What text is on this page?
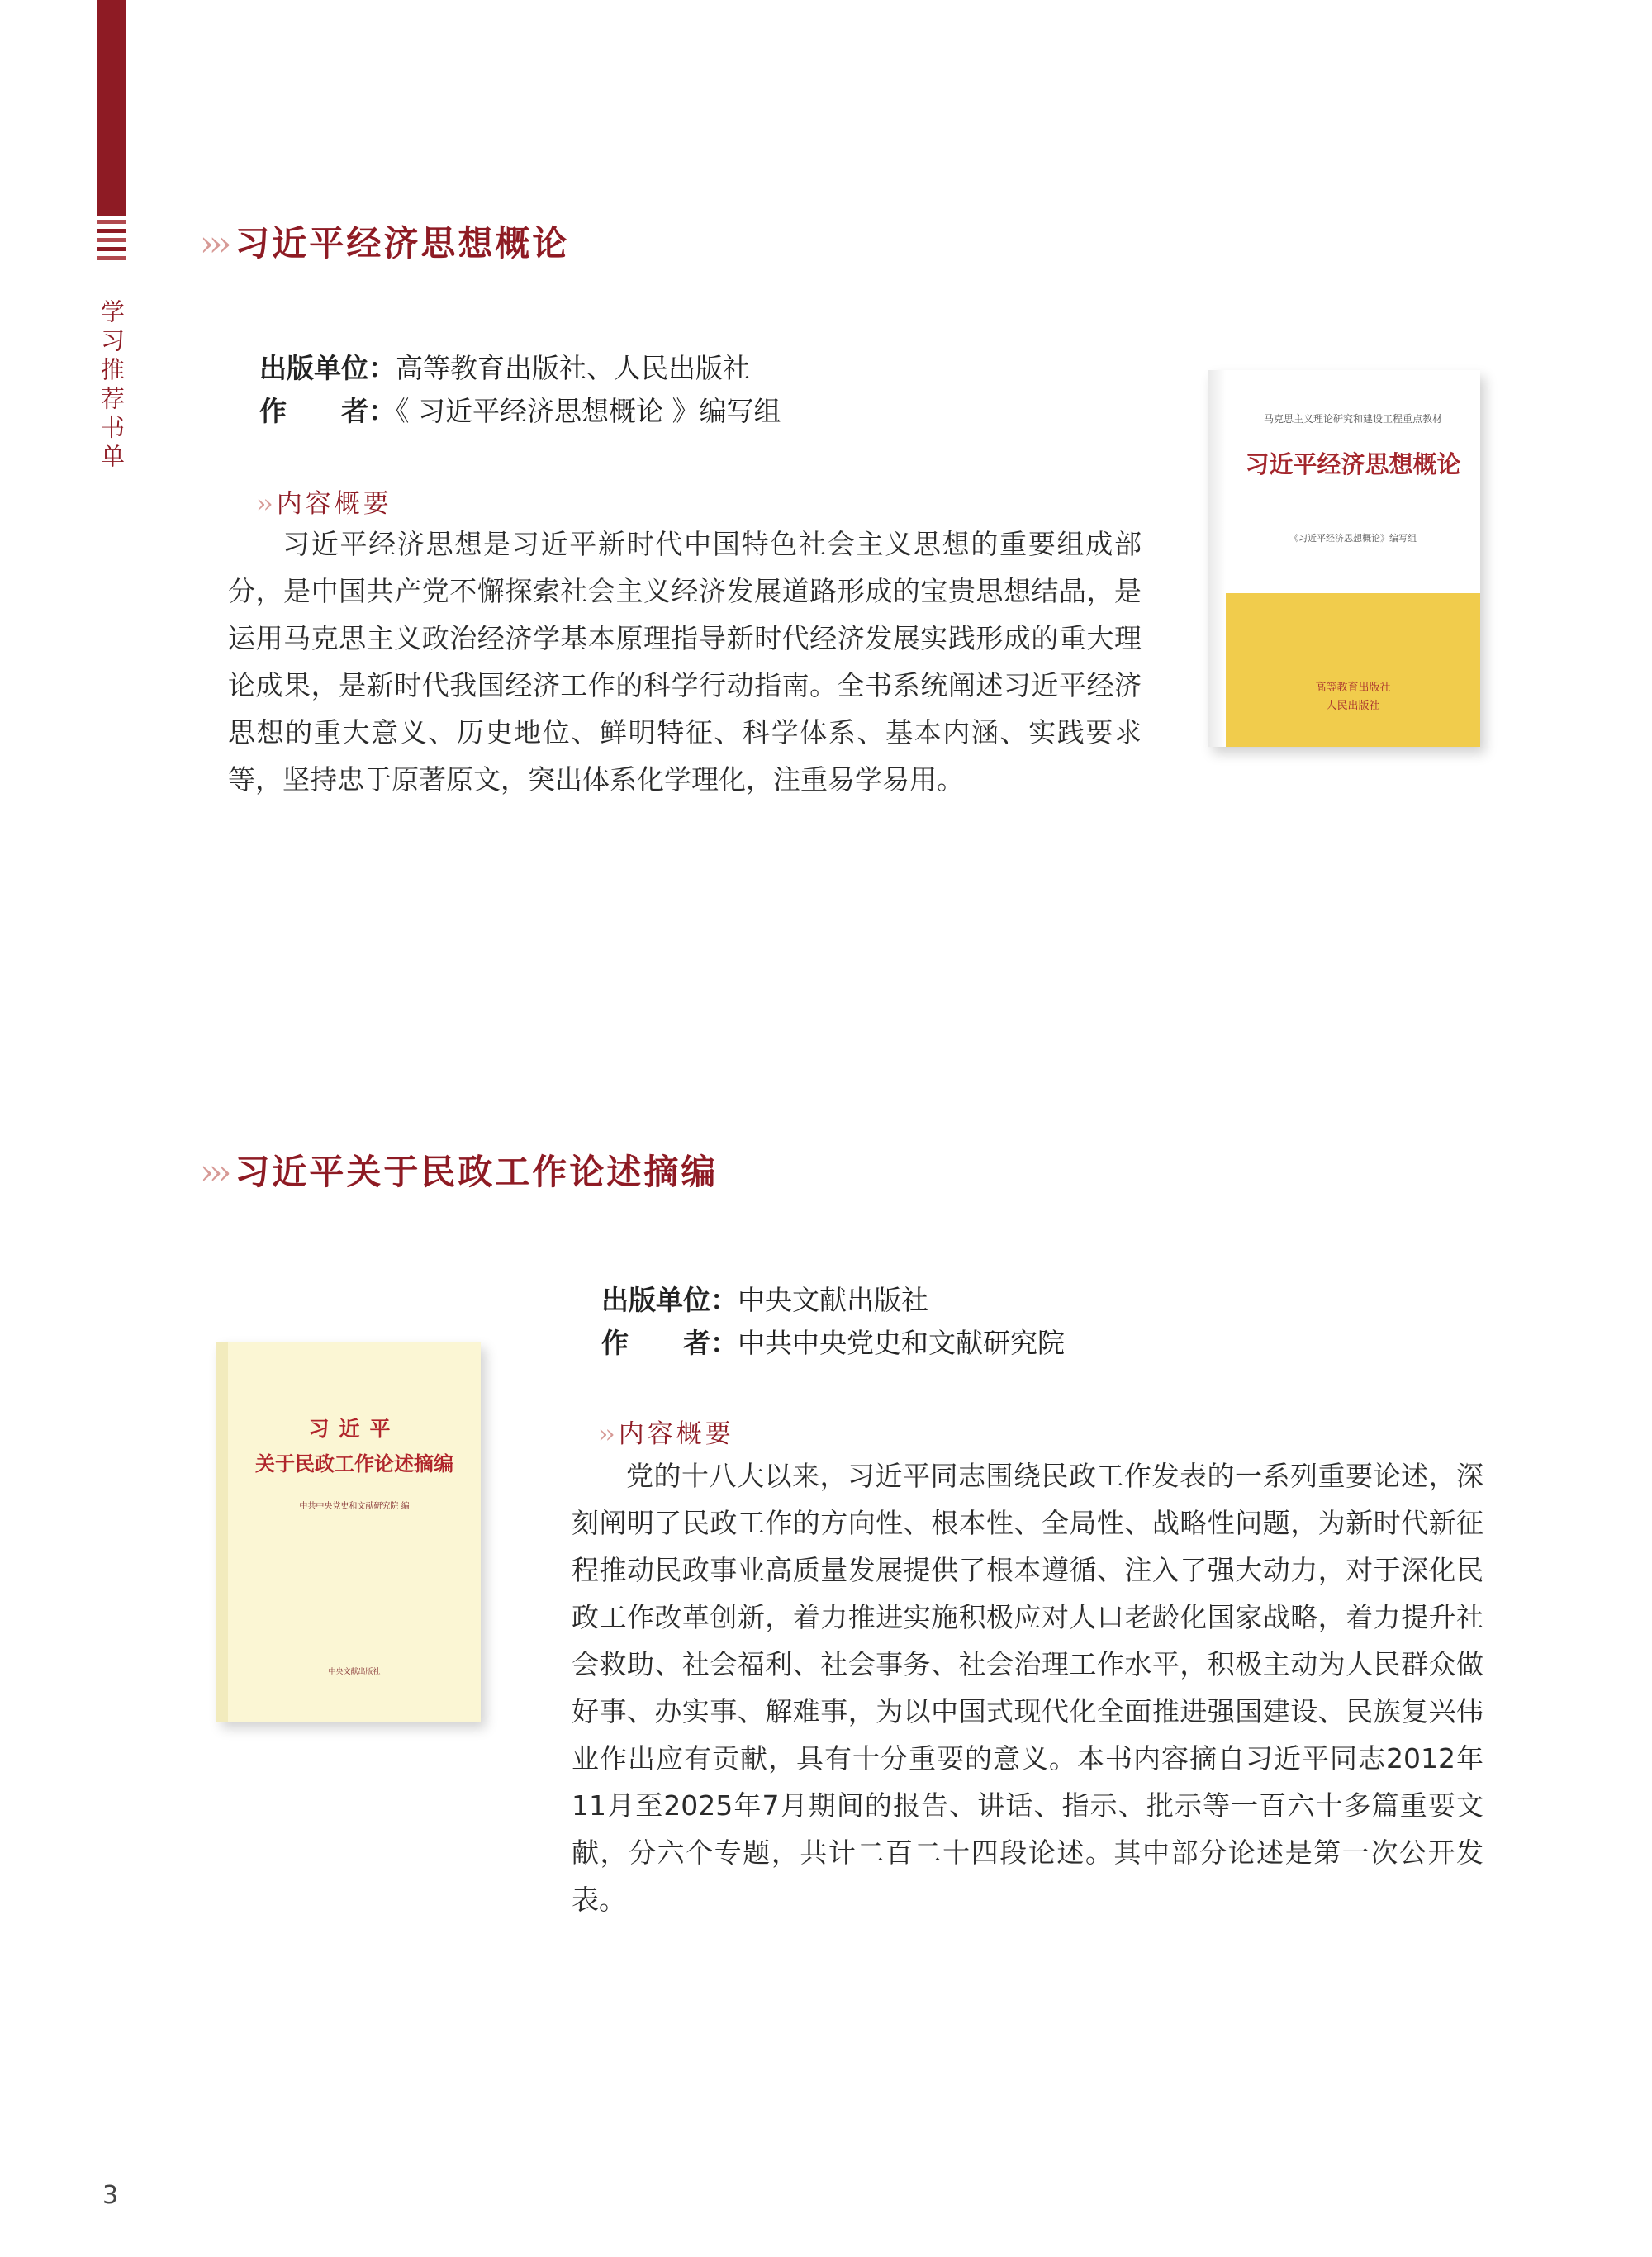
学习推荐书单
››› 习近平经济思想概论
出版单位：高等教育出版社、人民出版社
作　　者：《 习近平经济思想概论 》编写组
›› 内容概要
习近平经济思想是习近平新时代中国特色社会主义思想的重要组成部分，是中国共产党不懈探索社会主义经济发展道路形成的宝贵思想结晶，是运用马克思主义政治经济学基本原理指导新时代经济发展实践形成的重大理论成果，是新时代我国经济工作的科学行动指南。全书系统阐述习近平经济思想的重大意义、历史地位、鲜明特征、科学体系、基本内涵、实践要求等，坚持忠于原著原文，突出体系化学理化，注重易学易用。
马克思主义理论研究和建设工程重点教材
习近平经济思想概论
《习近平经济思想概论》编写组
高等教育出版社
人民出版社
››› 习近平关于民政工作论述摘编
习近平
关于民政工作论述摘编
中共中央党史和文献研究院 编
中央文献出版社
出版单位：中央文献出版社
作　　者：中共中央党史和文献研究院
›› 内容概要
党的十八大以来，习近平同志围绕民政工作发表的一系列重要论述，深刻阐明了民政工作的方向性、根本性、全局性、战略性问题，为新时代新征程推动民政事业高质量发展提供了根本遵循、注入了强大动力，对于深化民政工作改革创新，着力推进实施积极应对人口老龄化国家战略，着力提升社会救助、社会福利、社会事务、社会治理工作水平，积极主动为人民群众做好事、办实事、解难事，为以中国式现代化全面推进强国建设、民族复兴伟业作出应有贡献，具有十分重要的意义。本书内容摘自习近平同志2012年11月至2025年7月期间的报告、讲话、指示、批示等一百六十多篇重要文献，分六个专题，共计二百二十四段论述。其中部分论述是第一次公开发表。
3
